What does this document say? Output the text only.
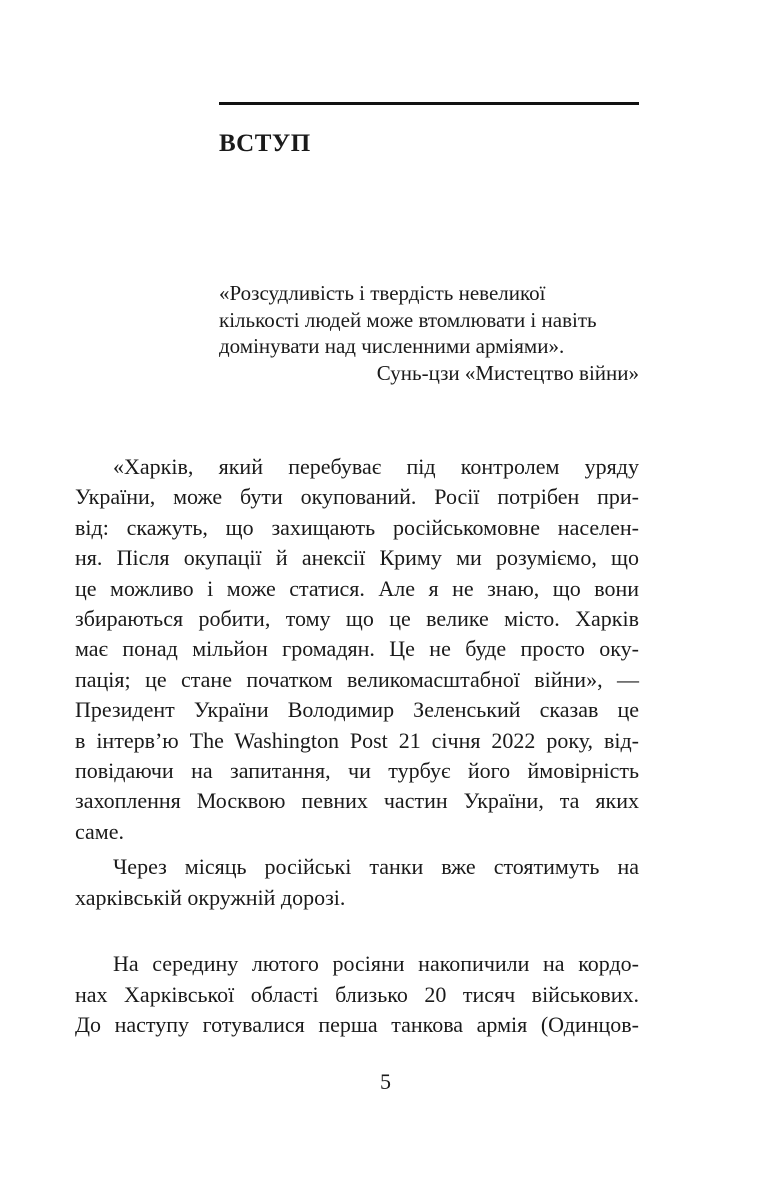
ВСТУП
«Розсудливість і твердість невеликої
кількості людей може втомлювати і навіть
домінувати над численними арміями».
Сунь-цзи «Мистецтво війни»

«Харків, який перебуває під контролем уряду
України, може бути окупований. Росії потрібен при-
від: скажуть, що захищають російськомовне населен-
ня. Після окупації й анексії Криму ми розуміємо, що
це можливо і може статися. Але я не знаю, що вони
збираються робити, тому що це велике місто. Харків
має понад мільйон громадян. Це не буде просто оку-
пація; це стане початком великомасштабної війни», —
Президент України Володимир Зеленський сказав це
в інтерв’ю The Washington Post 21 січня 2022 року, від-
повідаючи на запитання, чи турбує його ймовірність
захоплення Москвою певних частин України, та яких
саме.

Через місяць російські танки вже стоятимуть на
харківській окружній дорозі.

На середину лютого росіяни накопичили на кордо-
нах Харківської області близько 20 тисяч військових.
До наступу готувалися перша танкова армія (Одинцов-

5
